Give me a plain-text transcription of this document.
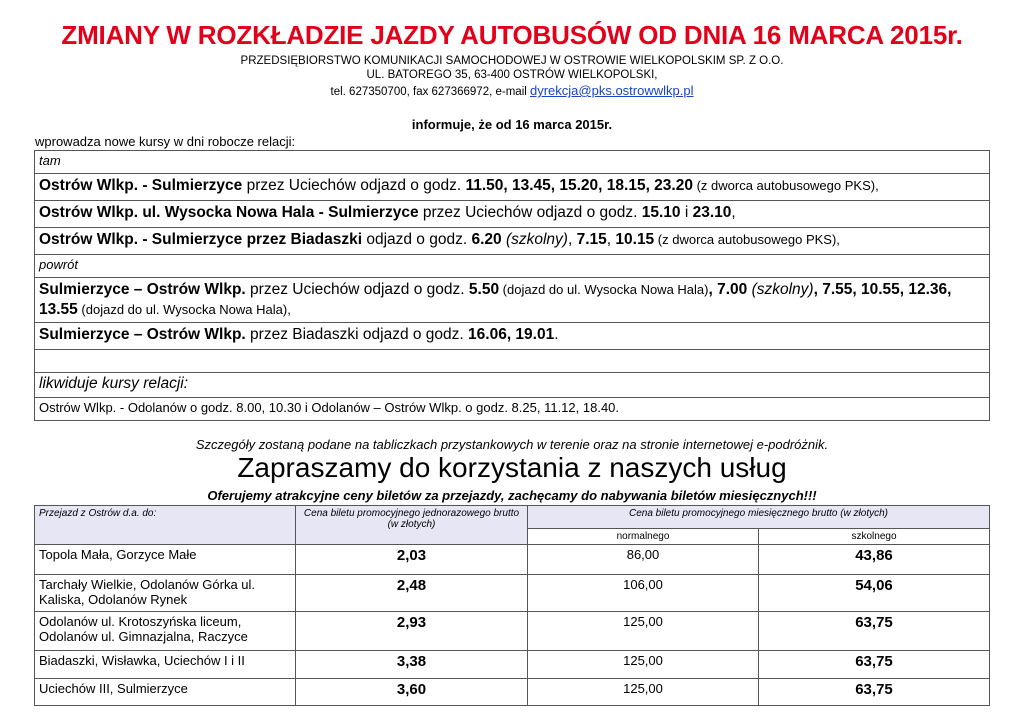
ZMIANY W ROZKŁADZIE JAZDY AUTOBUSÓW OD DNIA 16 MARCA 2015r.
PRZEDSIĘBIORSTWO KOMUNIKACJI SAMOCHODOWEJ W OSTROWIE WIELKOPOLSKIM SP. Z O.O.
UL. BATOREGO 35, 63-400 OSTRÓW WIELKOPOLSKI,
tel. 627350700, fax 627366972, e-mail dyrekcja@pks.ostrowwlkp.pl
informuje, że od 16 marca 2015r.
wprowadza nowe kursy w dni robocze relacji:
tam
Ostrów Wlkp. - Sulmierzyce przez Uciechów odjazd o godz. 11.50, 13.45, 15.20, 18.15, 23.20 (z dworca autobusowego PKS),
Ostrów Wlkp. ul. Wysocka Nowa Hala - Sulmierzyce przez Uciechów odjazd o godz. 15.10 i 23.10,
Ostrów Wlkp. - Sulmierzyce przez Biadaszki odjazd o godz. 6.20 (szkolny), 7.15, 10.15 (z dworca autobusowego PKS),
powrót
Sulmierzyce – Ostrów Wlkp. przez Uciechów odjazd o godz. 5.50 (dojazd do ul. Wysocka Nowa Hala), 7.00 (szkolny), 7.55, 10.55, 12.36, 13.55 (dojazd do ul. Wysocka Nowa Hala),
Sulmierzyce – Ostrów Wlkp. przez Biadaszki odjazd o godz. 16.06, 19.01.

likwiduje kursy relacji:
Ostrów Wlkp. - Odolanów o godz. 8.00, 10.30 i Odolanów – Ostrów Wlkp. o godz. 8.25, 11.12, 18.40.
Szczegóły zostaną podane na tabliczkach przystankowych w terenie oraz na stronie internetowej e-podróżnik.
Zapraszamy do korzystania z naszych usług
Oferujemy atrakcyjne ceny biletów za przejazdy, zachęcamy do nabywania biletów miesięcznych!!!
Przejazd z Ostrów d.a. do:	Cena biletu promocyjnego jednorazowego brutto (w złotych)	Cena biletu promocyjnego miesięcznego brutto (w złotych)	
		normalnego	szkolnego
Topola Mała, Gorzyce Małe	2,03	86,00	43,86
Tarchały Wielkie, Odolanów Górka ul. Kaliska, Odolanów Rynek	2,48	106,00	54,06
Odolanów ul. Krotoszyńska liceum, Odolanów ul. Gimnazjalna, Raczyce	2,93	125,00	63,75
Biadaszki, Wisławka, Uciechów I i II	3,38	125,00	63,75
Uciechów III, Sulmierzyce	3,60	125,00	63,75
